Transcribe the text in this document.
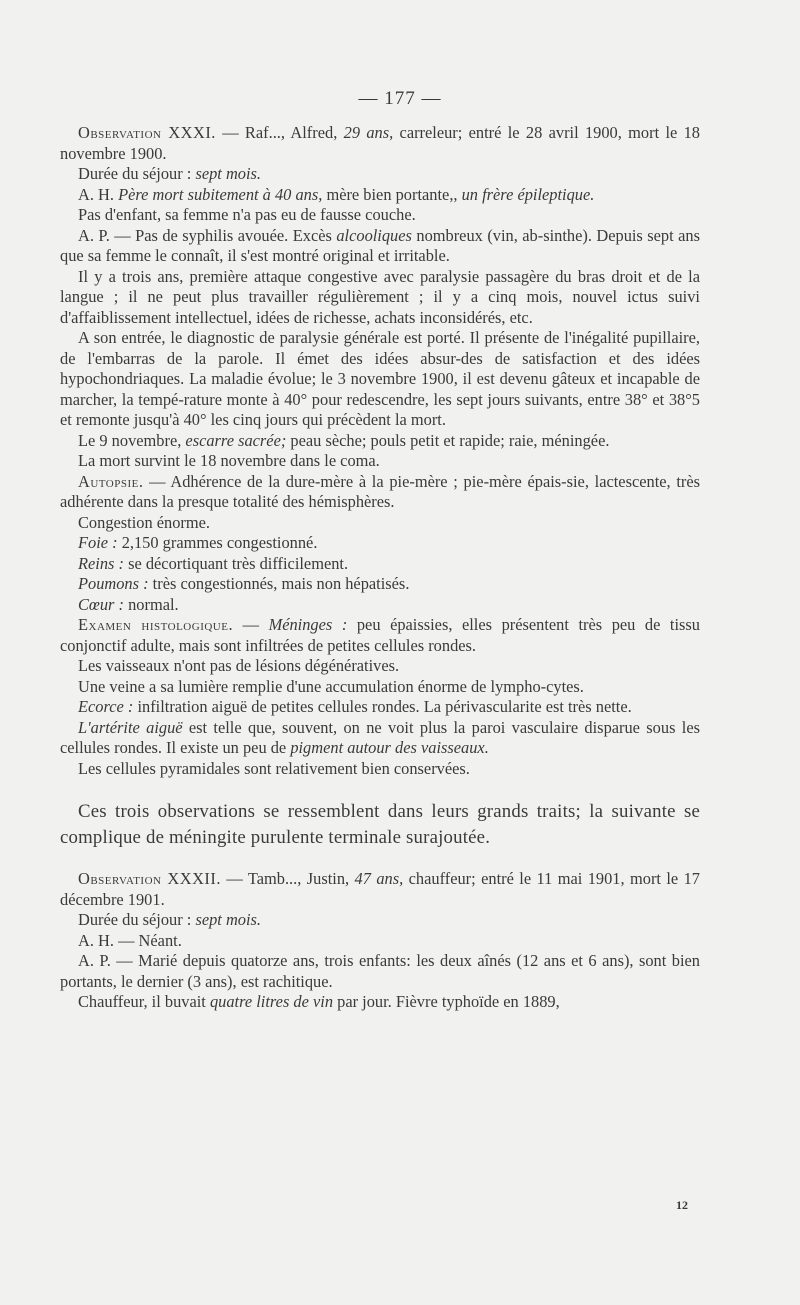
— 177 —

Observation XXXI. — Raf..., Alfred, 29 ans, carreleur; entré le 28 avril 1900, mort le 18 novembre 1900.

Durée du séjour : sept mois.

A. H. Père mort subitement à 40 ans, mère bien portante,, un frère épileptique.

Pas d'enfant, sa femme n'a pas eu de fausse couche.

A. P. — Pas de syphilis avouée. Excès alcooliques nombreux (vin, ab-sinthe). Depuis sept ans que sa femme le connaît, il s'est montré original et irritable.

Il y a trois ans, première attaque congestive avec paralysie passagère du bras droit et de la langue ; il ne peut plus travailler régulièrement ; il y a cinq mois, nouvel ictus suivi d'affaiblissement intellectuel, idées de richesse, achats inconsidérés, etc.

A son entrée, le diagnostic de paralysie générale est porté. Il présente de l'inégalité pupillaire, de l'embarras de la parole. Il émet des idées absur-des de satisfaction et des idées hypochondriaques. La maladie évolue; le 3 novembre 1900, il est devenu gâteux et incapable de marcher, la tempé-rature monte à 40° pour redescendre, les sept jours suivants, entre 38° et 38°5 et remonte jusqu'à 40° les cinq jours qui précèdent la mort.

Le 9 novembre, escarre sacrée; peau sèche; pouls petit et rapide; raie, méningée.

La mort survint le 18 novembre dans le coma.

Autopsie. — Adhérence de la dure-mère à la pie-mère ; pie-mère épais-sie, lactescente, très adhérente dans la presque totalité des hémisphères.

Congestion énorme.

Foie : 2,150 grammes congestionné.

Reins : se décortiquant très difficilement.

Poumons : très congestionnés, mais non hépatisés.

Cœur : normal.

Examen histologique. — Méninges : peu épaissies, elles présentent très peu de tissu conjonctif adulte, mais sont infiltrées de petites cellules rondes.

Les vaisseaux n'ont pas de lésions dégénératives.

Une veine a sa lumière remplie d'une accumulation énorme de lympho-cytes.

Ecorce : infiltration aiguë de petites cellules rondes. La périvascularite est très nette.

L'artérite aiguë est telle que, souvent, on ne voit plus la paroi vasculaire disparue sous les cellules rondes. Il existe un peu de pigment autour des vaisseaux.

Les cellules pyramidales sont relativement bien conservées.

Ces trois observations se ressemblent dans leurs grands traits; la suivante se complique de méningite purulente terminale surajoutée.

Observation XXXII. — Tamb..., Justin, 47 ans, chauffeur; entré le 11 mai 1901, mort le 17 décembre 1901.

Durée du séjour : sept mois.

A. H. — Néant.

A. P. — Marié depuis quatorze ans, trois enfants: les deux aînés (12 ans et 6 ans), sont bien portants, le dernier (3 ans), est rachitique.

Chauffeur, il buvait quatre litres de vin par jour. Fièvre typhoïde en 1889,

12
